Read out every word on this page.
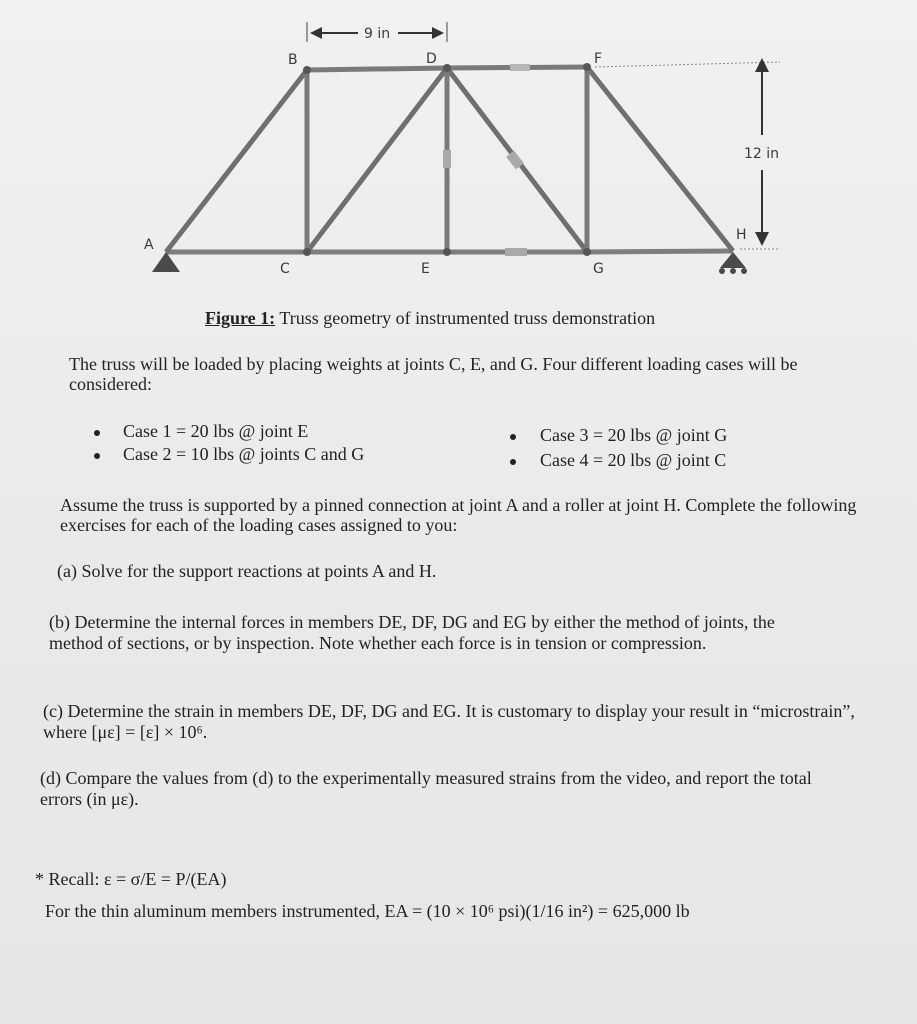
9 in
12 in
A
B
C
D
E
F
G
H
Figure 1: Truss geometry of instrumented truss demonstration
The truss will be loaded by placing weights at joints C, E, and G. Four different loading cases will be considered:
Case 1 = 20 lbs @ joint E
Case 2 = 10 lbs @ joints C and G
Case 3 = 20 lbs @ joint G
Case 4 = 20 lbs @ joint C
Assume the truss is supported by a pinned connection at joint A and a roller at joint H. Complete the following exercises for each of the loading cases assigned to you:
(a) Solve for the support reactions at points A and H.
(b) Determine the internal forces in members DE, DF, DG and EG by either the method of joints, the method of sections, or by inspection. Note whether each force is in tension or compression.
(c) Determine the strain in members DE, DF, DG and EG. It is customary to display your result in “microstrain”, where [με] = [ε] × 10⁶.
(d) Compare the values from (d) to the experimentally measured strains from the video, and report the total errors (in με).
* Recall: ε = σ/E = P/(EA)
For the thin aluminum members instrumented, EA = (10 × 10⁶ psi)(1/16 in²) = 625,000 lb
